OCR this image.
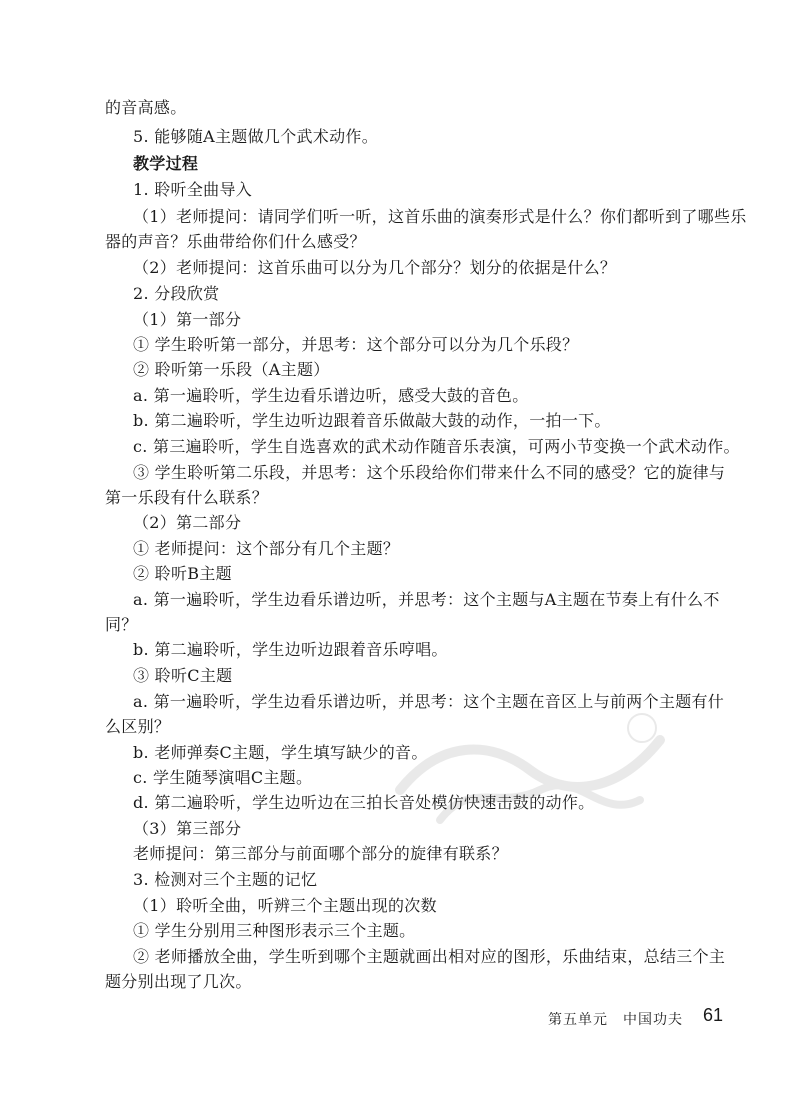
的音高感。
5. 能够随A主题做几个武术动作。
教学过程
1. 聆听全曲导入
（1）老师提问：请同学们听一听，这首乐曲的演奏形式是什么？你们都听到了哪些乐
器的声音？乐曲带给你们什么感受？
（2）老师提问：这首乐曲可以分为几个部分？划分的依据是什么？
2. 分段欣赏
（1）第一部分
① 学生聆听第一部分，并思考：这个部分可以分为几个乐段？
② 聆听第一乐段（A主题）
a. 第一遍聆听，学生边看乐谱边听，感受大鼓的音色。
b. 第二遍聆听，学生边听边跟着音乐做敲大鼓的动作，一拍一下。
c. 第三遍聆听，学生自选喜欢的武术动作随音乐表演，可两小节变换一个武术动作。
③ 学生聆听第二乐段，并思考：这个乐段给你们带来什么不同的感受？它的旋律与
第一乐段有什么联系？
（2）第二部分
① 老师提问：这个部分有几个主题？
② 聆听B主题
a. 第一遍聆听，学生边看乐谱边听，并思考：这个主题与A主题在节奏上有什么不
同？
b. 第二遍聆听，学生边听边跟着音乐哼唱。
③ 聆听C主题
a. 第一遍聆听，学生边看乐谱边听，并思考：这个主题在音区上与前两个主题有什
么区别？
b. 老师弹奏C主题，学生填写缺少的音。
c. 学生随琴演唱C主题。
d. 第二遍聆听，学生边听边在三拍长音处模仿快速击鼓的动作。
（3）第三部分
老师提问：第三部分与前面哪个部分的旋律有联系？
3. 检测对三个主题的记忆
（1）聆听全曲，听辨三个主题出现的次数
① 学生分别用三种图形表示三个主题。
② 老师播放全曲，学生听到哪个主题就画出相对应的图形，乐曲结束，总结三个主
题分别出现了几次。
第五单元　中国功夫 61
